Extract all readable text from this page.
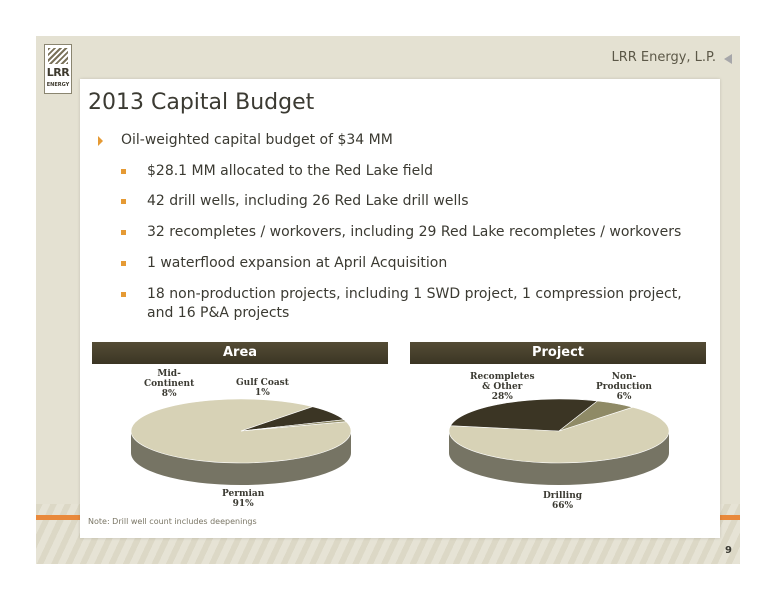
LRR
ENERGY
LRR Energy, L.P.
2013 Capital Budget
Oil-weighted capital budget of $34 MM
$28.1 MM allocated to the Red Lake field
42 drill wells, including 26 Red Lake drill wells
32 recompletes / workovers, including 29 Red Lake recompletes / workovers
1 waterflood expansion at April Acquisition
18 non-production projects, including 1 SWD project, 1 compression project,
and 16 P&A projects
Area	Project
Mid-
Continent
8%
Gulf Coast
1%
Permian
91%
Recompletes
& Other
28%
Non-
Production
6%
Drilling
66%
Note: Drill well count includes deepenings
9
